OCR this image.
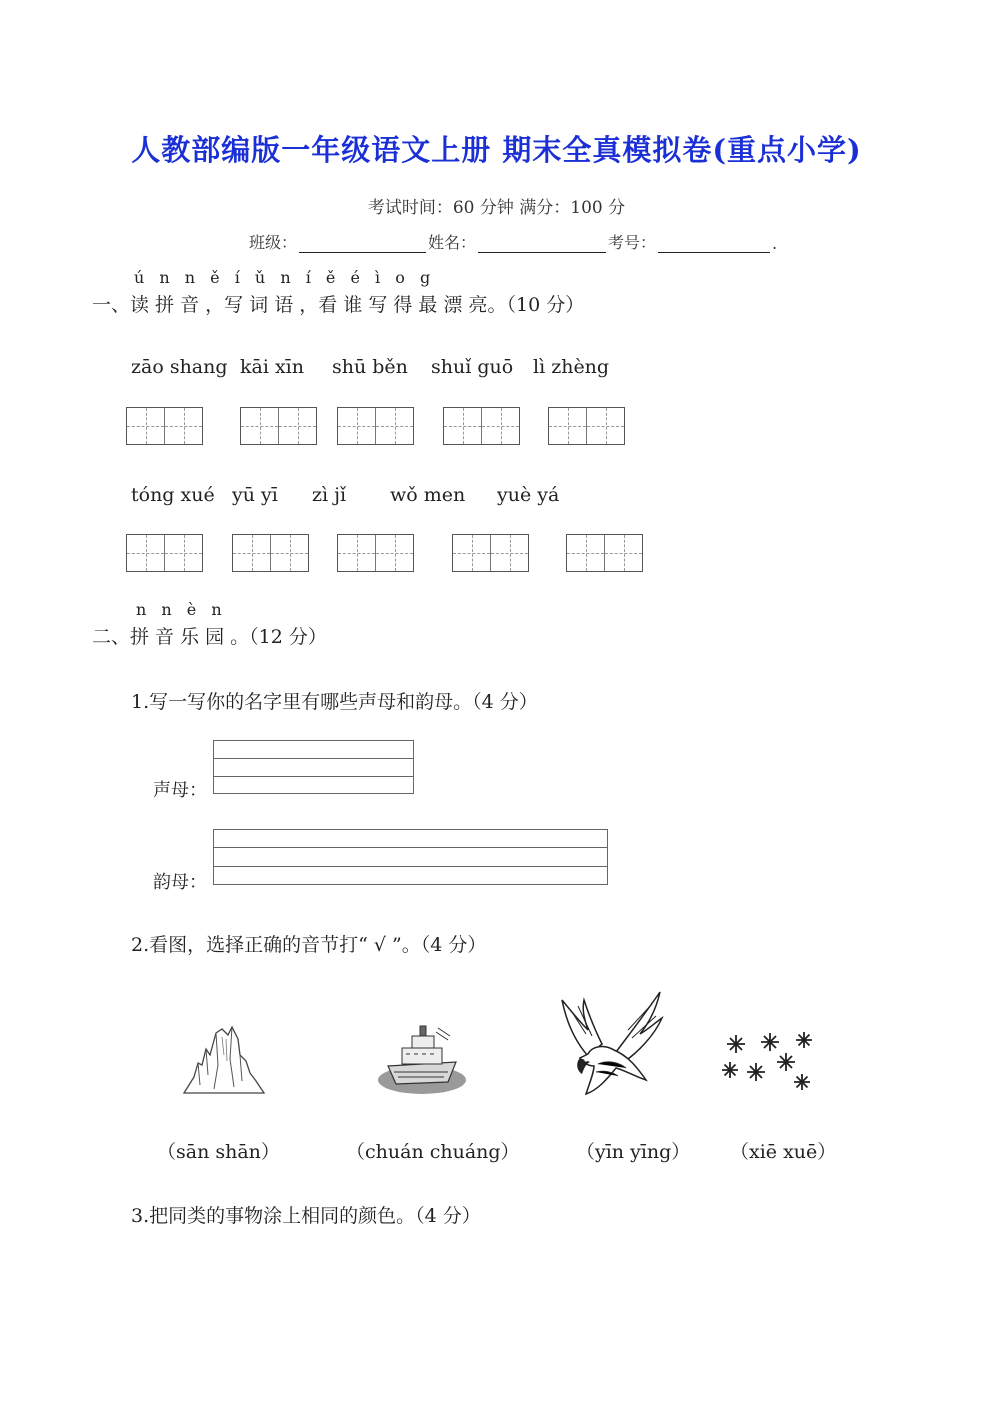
人教部编版一年级语文上册 期末全真模拟卷(重点小学)
考试时间：60 分钟 满分：100 分
班级：	姓名：	考号：	.
ú n n ě í ǔ n í ě é ì o g
一、读 拼 音 ，写 词 语 ，看 谁 写 得 最 漂 亮。（10 分）
zāo shang kāi xīn shū běn shuǐ guō lì zhèng
tóng xué yū yī zì jǐ wǒ men yuè yá
n n è n
二、拼 音 乐 园 。（12 分）
1.写一写你的名字里有哪些声母和韵母。（4 分）
声母：
韵母：
2.看图，选择正确的音节打“ √ ”。（4 分）
（sān shān）	（chuán chuáng）	（yīn yīng） （xiē xuē）
3.把同类的事物涂上相同的颜色。（4 分）
